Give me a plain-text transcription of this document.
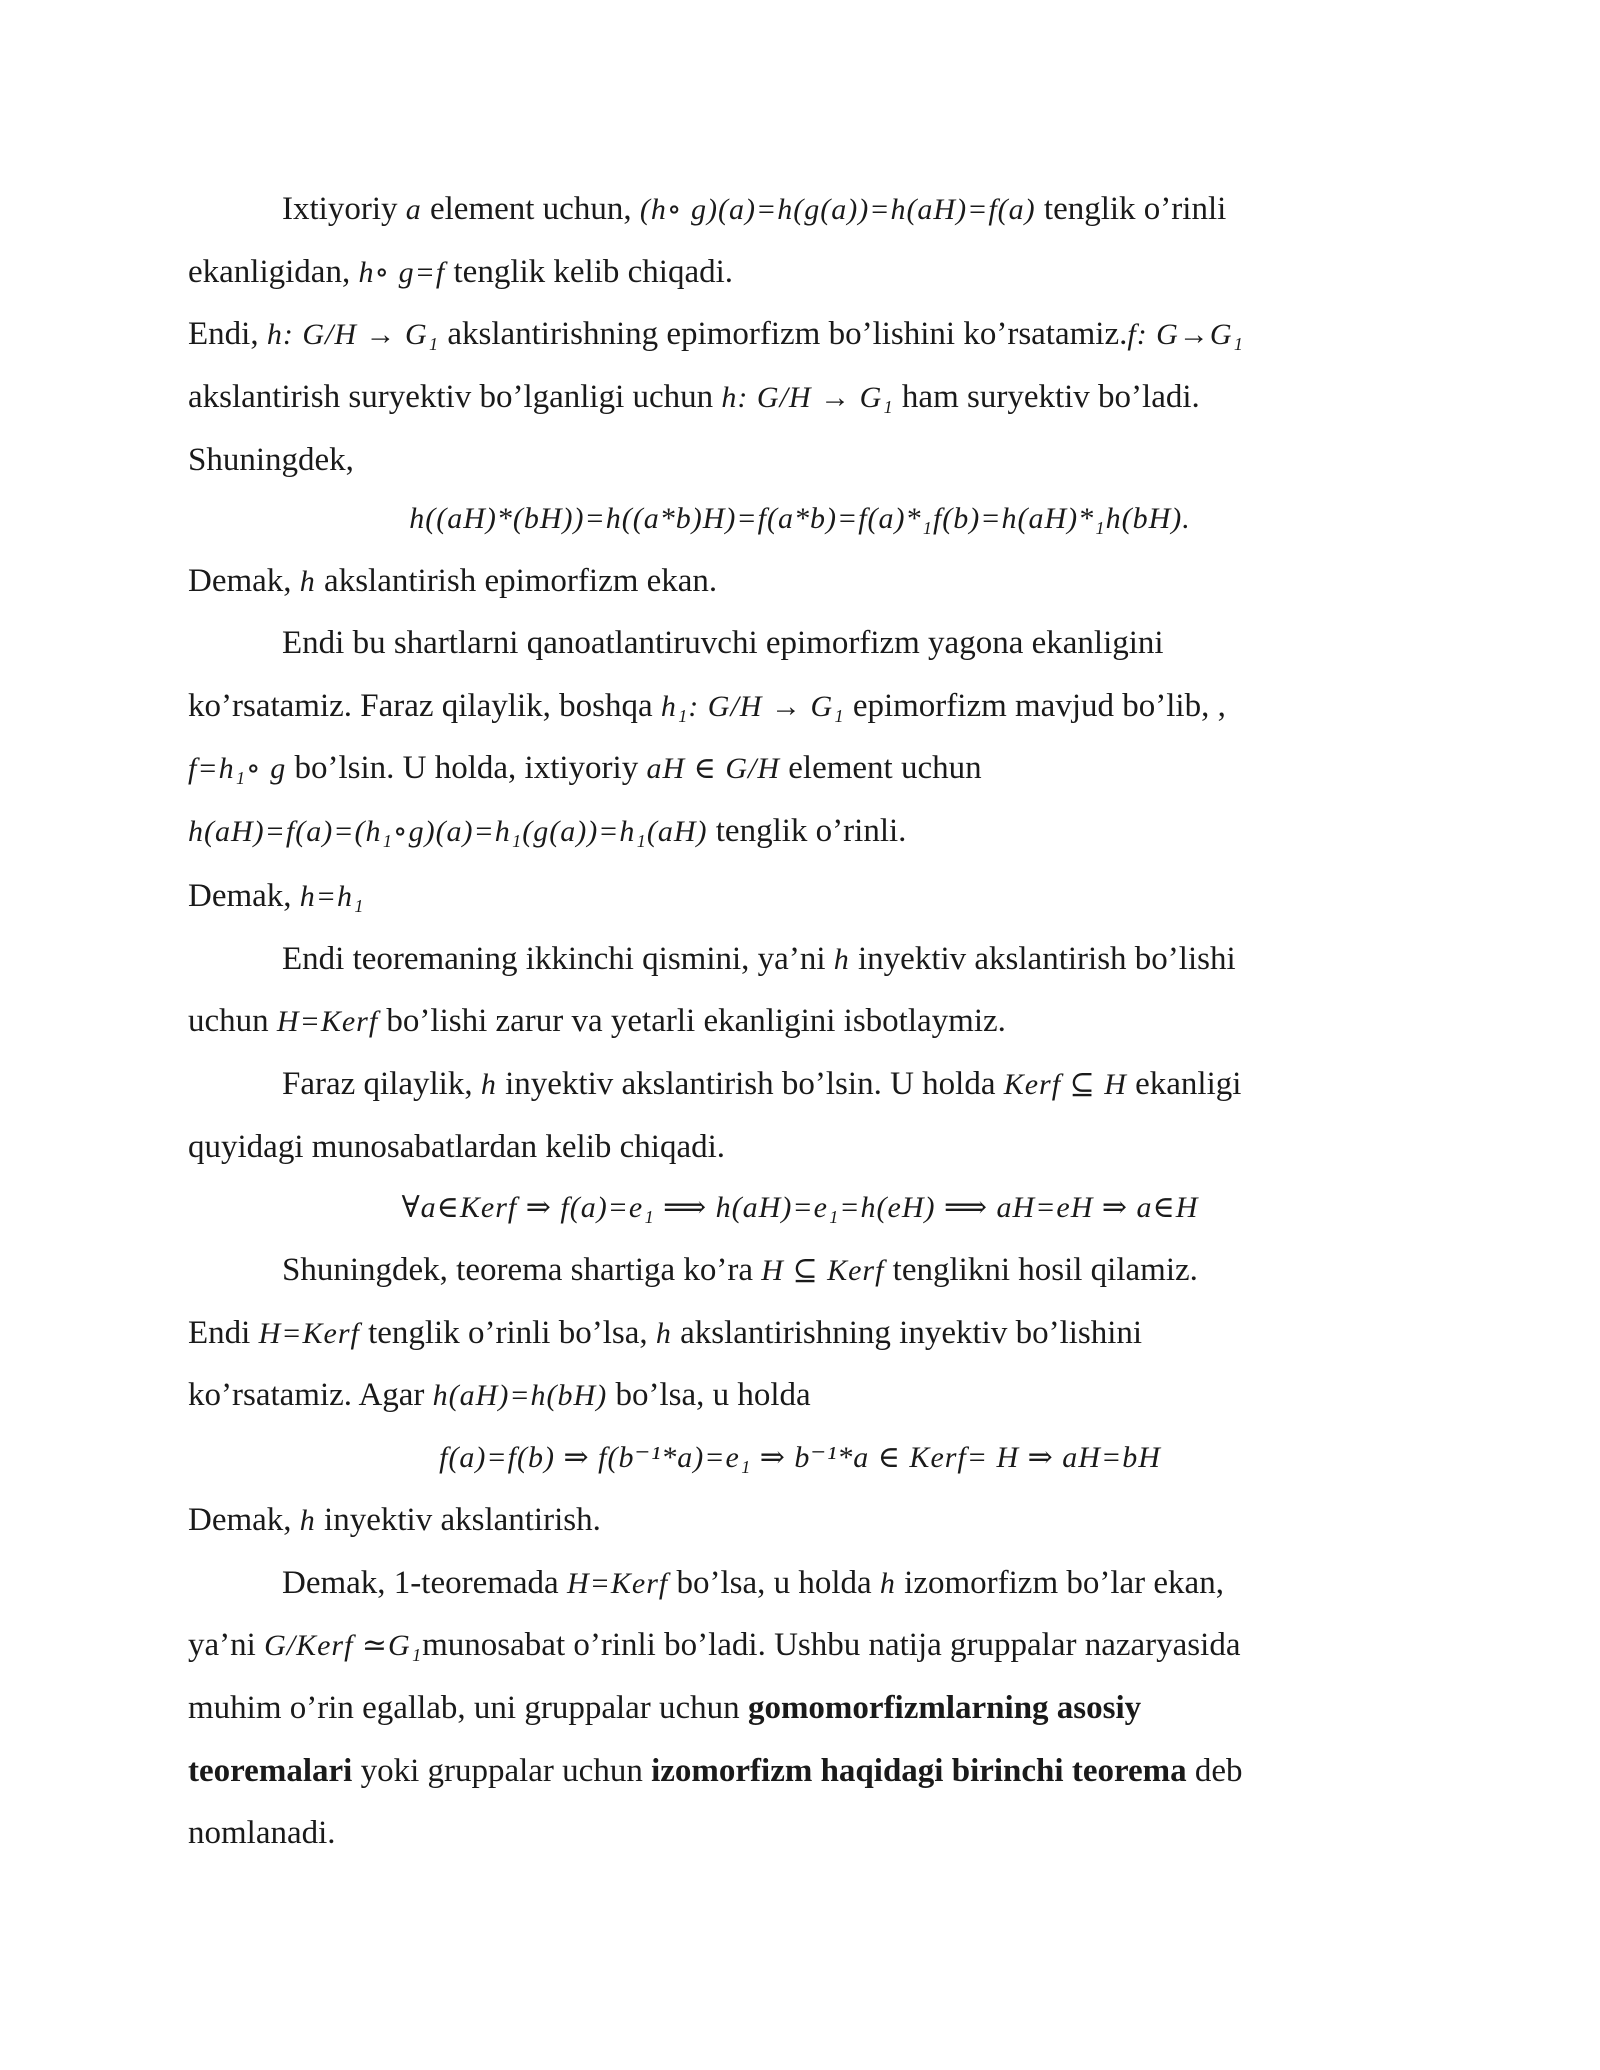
Ixtiyoriy a element uchun, (h∘ g)(a)=h(g(a))=h(aH)=f(a) tenglik o’rinli
ekanligidan, h∘ g=f tenglik kelib chiqadi.
Endi, h: G/H → G₁ akslantirishning epimorfizm bo’lishini ko’rsatamiz.f: G→G₁
akslantirish suryektiv bo’lganligi uchun h: G/H → G₁ ham suryektiv bo’ladi.
Shuningdek,
h((aH)*(bH))=h((a*b)H)=f(a*b)=f(a)*₁f(b)=h(aH)*₁h(bH).
Demak, h akslantirish epimorfizm ekan.
Endi bu shartlarni qanoatlantiruvchi epimorfizm yagona ekanligini
ko’rsatamiz. Faraz qilaylik, boshqa h₁: G/H → G₁ epimorfizm mavjud bo’lib, ,
f=h₁∘ g bo’lsin. U holda, ixtiyoriy aH ∈ G/H element uchun
h(aH)=f(a)=(h₁∘g)(a)=h₁(g(a))=h₁(aH) tenglik o’rinli.
Demak, h=h₁
Endi teoremaning ikkinchi qismini, ya’ni h inyektiv akslantirish bo’lishi
uchun H=Kerf bo’lishi zarur va yetarli ekanligini isbotlaymiz.
Faraz qilaylik, h inyektiv akslantirish bo’lsin. U holda Kerf ⊆ H ekanligi
quyidagi munosabatlardan kelib chiqadi.
∀a∈Kerf ⇒ f(a)=e₁ ⟹ h(aH)=e₁=h(eH) ⟹ aH=eH ⇒ a∈H
Shuningdek, teorema shartiga ko’ra H ⊆ Kerf tenglikni hosil qilamiz.
Endi H=Kerf tenglik o’rinli bo’lsa, h akslantirishning inyektiv bo’lishini
ko’rsatamiz. Agar h(aH)=h(bH) bo’lsa, u holda
f(a)=f(b) ⇒ f(b⁻¹*a)=e₁ ⇒ b⁻¹*a ∈ Kerf= H ⇒ aH=bH
Demak, h inyektiv akslantirish.
Demak, 1-teoremada H=Kerf bo’lsa, u holda h izomorfizm bo’lar ekan,
ya’ni G/Kerf ≃G₁munosabat o’rinli bo’ladi. Ushbu natija gruppalar nazaryasida
muhim o’rin egallab, uni gruppalar uchun gomomorfizmlarning asosiy
teoremalari yoki gruppalar uchun izomorfizm haqidagi birinchi teorema deb
nomlanadi.
